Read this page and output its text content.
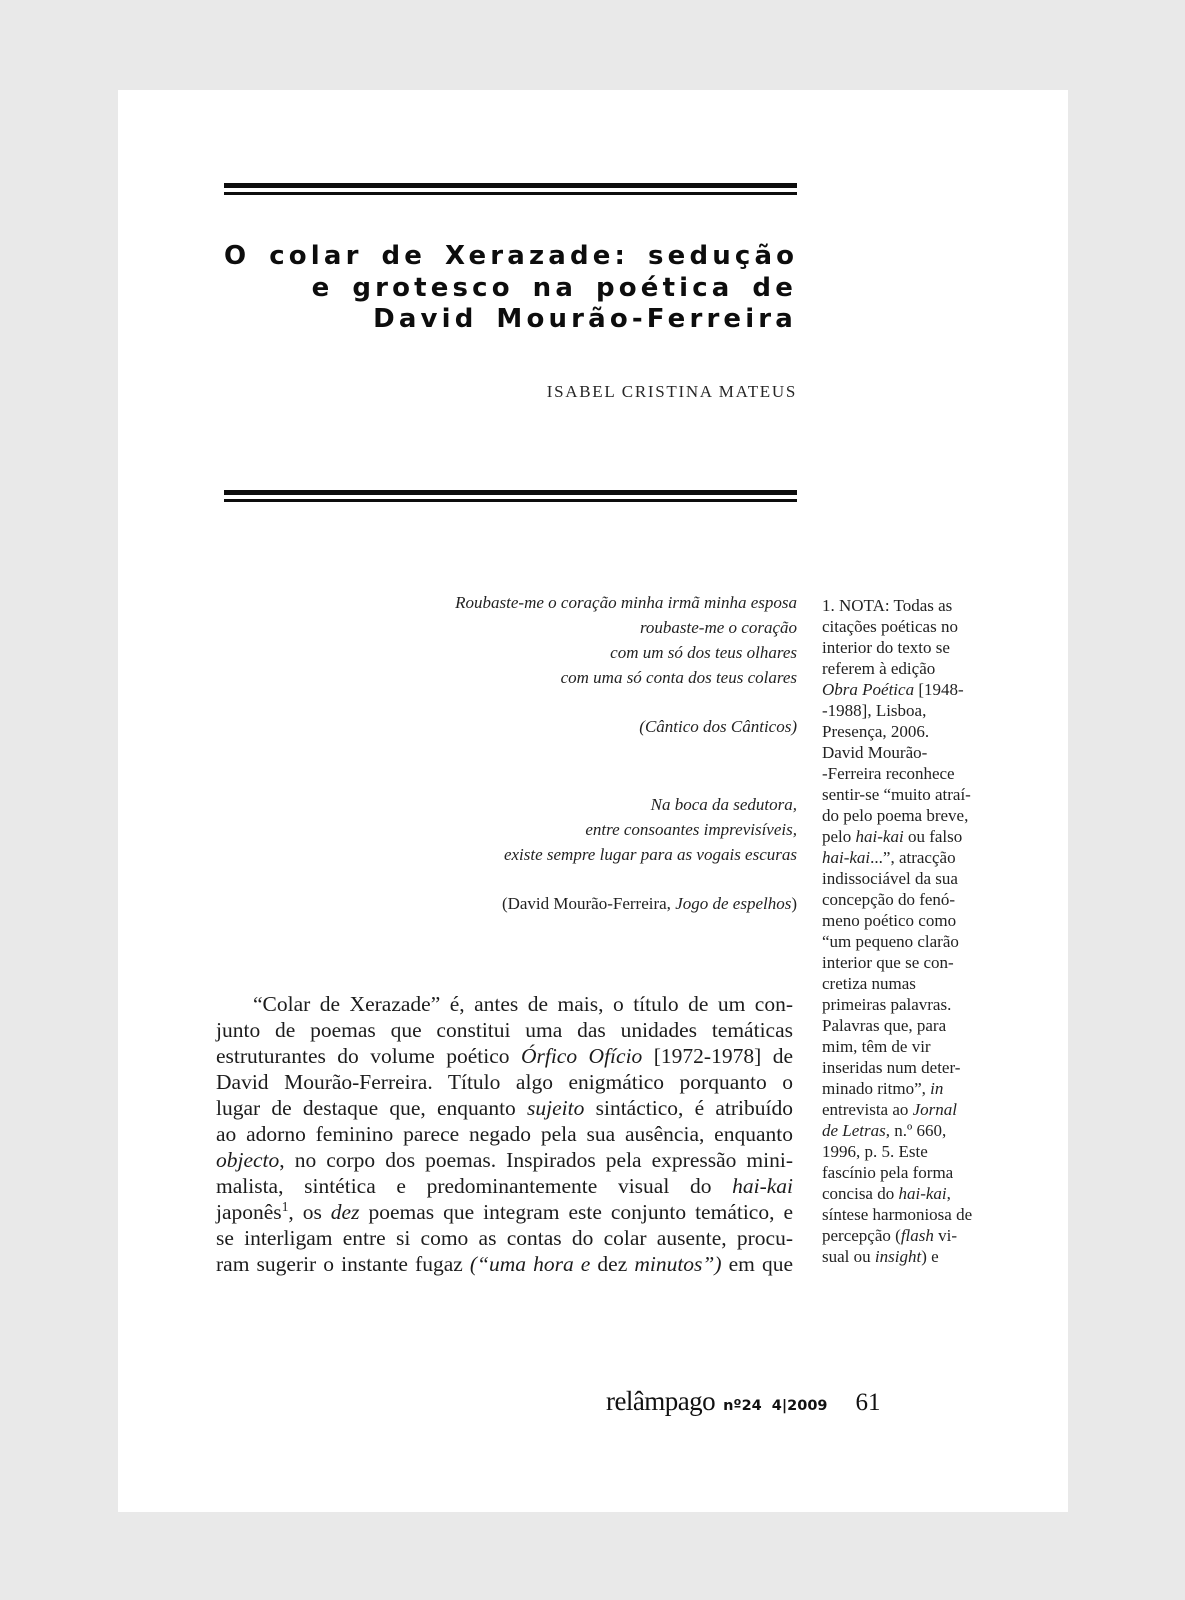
O colar de Xerazade: sedução
e grotesco na poética de
David Mourão-Ferreira
ISABEL CRISTINA MATEUS
Roubaste-me o coração minha irmã minha esposa
roubaste-me o coração
com um só dos teus olhares
com uma só conta dos teus colares
(Cântico dos Cânticos)
Na boca da sedutora,
entre consoantes imprevisíveis,
existe sempre lugar para as vogais escuras
(David Mourão-Ferreira, Jogo de espelhos)
“Colar de Xerazade” é, antes de mais, o título de um con-
junto de poemas que constitui uma das unidades temáticas
estruturantes do volume poético Órfico Ofício [1972-1978] de
David Mourão-Ferreira. Título algo enigmático porquanto o
lugar de destaque que, enquanto sujeito sintáctico, é atribuído
ao adorno feminino parece negado pela sua ausência, enquanto
objecto, no corpo dos poemas. Inspirados pela expressão mini-
malista, sintética e predominantemente visual do hai-kai
japonês$^1$, os dez poemas que integram este conjunto temático, e
se interligam entre si como as contas do colar ausente, procu-
ram sugerir o instante fugaz (“uma hora e dez minutos”) em que
1. NOTA: Todas as
citações poéticas no
interior do texto se
referem à edição
Obra Poética [1948-
-1988], Lisboa,
Presença, 2006.
David Mourão-
-Ferreira reconhece
sentir-se “muito atraí-
do pelo poema breve,
pelo hai-kai ou falso
hai-kai...”, atracção
indissociável da sua
concepção do fenó-
meno poético como
“um pequeno clarão
interior que se con-
cretiza numas
primeiras palavras.
Palavras que, para
mim, têm de vir
inseridas num deter-
minado ritmo”, in
entrevista ao Jornal
de Letras, n.º 660,
1996, p. 5. Este
fascínio pela forma
concisa do hai-kai,
síntese harmoniosa de
percepção (flash vi-
sual ou insight) e
relâmpago nº24 4|2009 61
